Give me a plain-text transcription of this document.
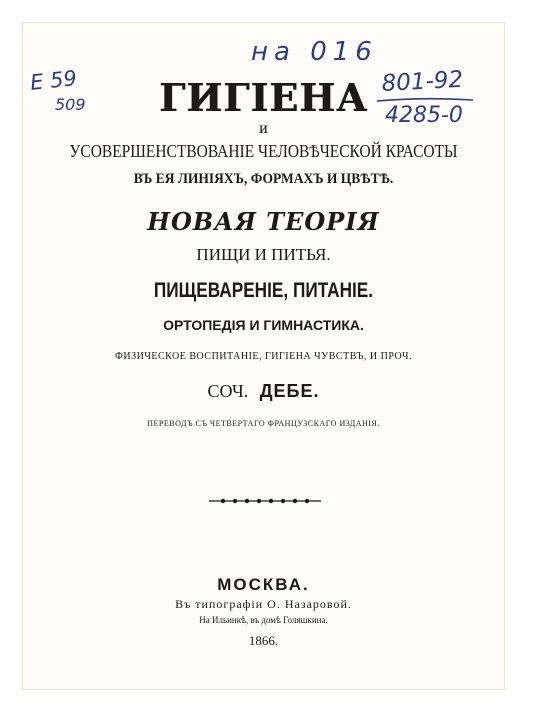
на 016
Е 59
509
801-92
4285-0
ГИГІЕНА
и
УСОВЕРШЕНСТВОВАНІЕ ЧЕЛОВѢЧЕСКОЙ КРАСОТЫ
ВЪ ЕЯ ЛИНІЯХЪ, ФОРМАХЪ И ЦВѢТѢ.
НОВАЯ ТЕОРІЯ
ПИЩИ И ПИТЬЯ.
ПИЩЕВАРЕНІЕ, ПИТАНІЕ.
ОРТОПЕДІЯ И ГИМНАСТИКА.
ФИЗИЧЕСКОЕ ВОСПИТАНІЕ, ГИГІЕНА ЧУВСТВЪ, И ПРОЧ.
СОЧ. ДЕБЕ.
ПЕРЕВОДЪ СЪ ЧЕТВЕРТАГО ФРАНЦУЗСКАГО ИЗДАНІЯ.
МОСКВА.
Въ типографіи О. Назаровой.
На Ильинкѣ, въ домѣ Голяшкина.
1866.
